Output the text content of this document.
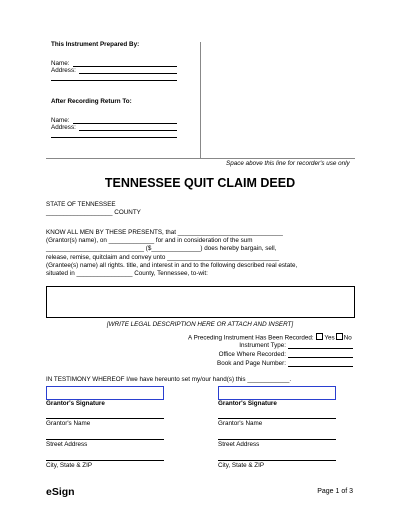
This Instrument Prepared By:
Name:
Address:
After Recording Return To:
Name:
Address:
Space above this line for recorder's use only
TENNESSEE QUIT CLAIM DEED
STATE OF TENNESSEE
___________________ COUNTY
KNOW ALL MEN BY THESE PRESENTS, that ______________________________
(Grantor(s) name), on _____________ for and in consideration of the sum
____________________________ ($______________) does hereby bargain, sell,
release, remise, quitclaim and convey unto ________________________________
(Grantee(s) name) all rights. title, and interest in and to the following described real estate,
situated in ________________ County, Tennessee, to-wit:
[WRITE LEGAL DESCRIPTION HERE OR ATTACH AND INSERT]
A Preceding Instrument Has Been Recorded: Yes No
Instrument Type:
Office Where Recorded:
Book and Page Number:
IN TESTIMONY WHEREOF I/we have hereunto set my/our hand(s) this ____________.
Grantor's Signature
Grantor's Name
Street Address
City, State & ZIP
Grantor's Signature
Grantor's Name
Street Address
City, State & ZIP
eSign	Page 1 of 3
